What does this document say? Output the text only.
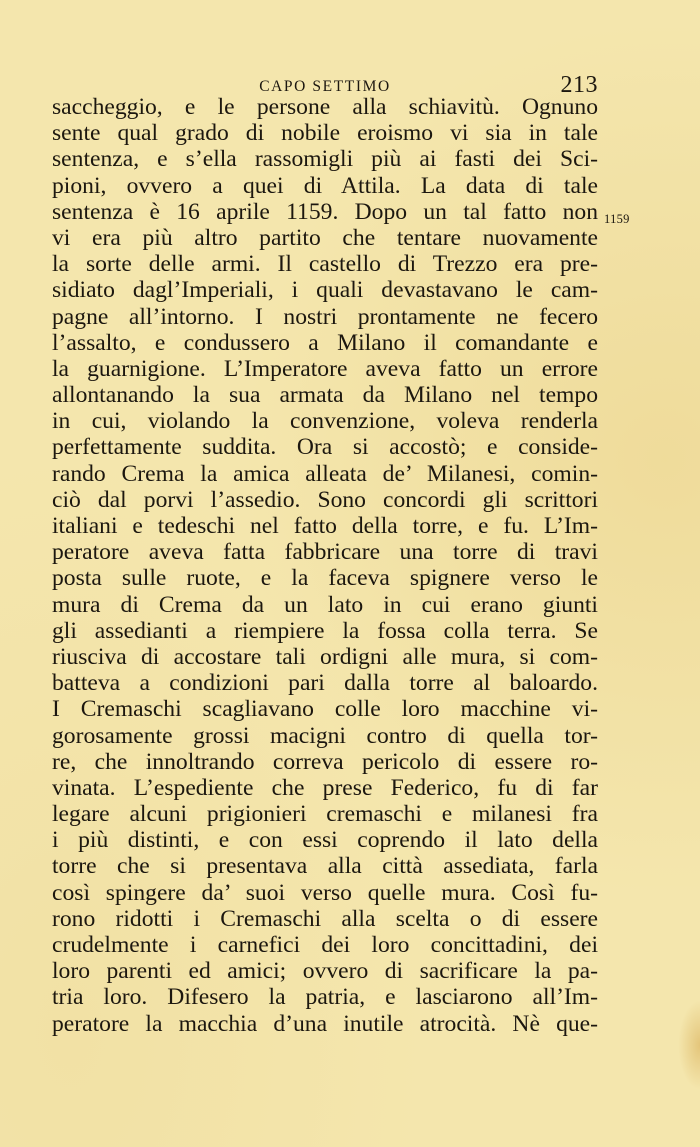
CAPO SETTIMO	213
saccheggio, e le persone alla schiavitù. Ognuno
sente qual grado di nobile eroismo vi sia in tale
sentenza, e s’ella rassomigli più ai fasti dei Sci-
pioni, ovvero a quei di Attila. La data di tale
sentenza è 16 aprile 1159. Dopo un tal fatto non
vi era più altro partito che tentare nuovamente
la sorte delle armi. Il castello di Trezzo era pre-
sidiato dagl’Imperiali, i quali devastavano le cam-
pagne all’intorno. I nostri prontamente ne fecero
l’assalto, e condussero a Milano il comandante e
la guarnigione. L’Imperatore aveva fatto un errore
allontanando la sua armata da Milano nel tempo
in cui, violando la convenzione, voleva renderla
perfettamente suddita. Ora si accostò; e conside-
rando Crema la amica alleata de’ Milanesi, comin-
ciò dal porvi l’assedio. Sono concordi gli scrittori
italiani e tedeschi nel fatto della torre, e fu. L’Im-
peratore aveva fatta fabbricare una torre di travi
posta sulle ruote, e la faceva spignere verso le
mura di Crema da un lato in cui erano giunti
gli assedianti a riempiere la fossa colla terra. Se
riusciva di accostare tali ordigni alle mura, si com-
batteva a condizioni pari dalla torre al baloardo.
I Cremaschi scagliavano colle loro macchine vi-
gorosamente grossi macigni contro di quella tor-
re, che innoltrando correva pericolo di essere ro-
vinata. L’espediente che prese Federico, fu di far
legare alcuni prigionieri cremaschi e milanesi fra
i più distinti, e con essi coprendo il lato della
torre che si presentava alla città assediata, farla
così spingere da’ suoi verso quelle mura. Così fu-
rono ridotti i Cremaschi alla scelta o di essere
crudelmente i carnefici dei loro concittadini, dei
loro parenti ed amici; ovvero di sacrificare la pa-
tria loro. Difesero la patria, e lasciarono all’Im-
peratore la macchia d’una inutile atrocità. Nè que-
1159
